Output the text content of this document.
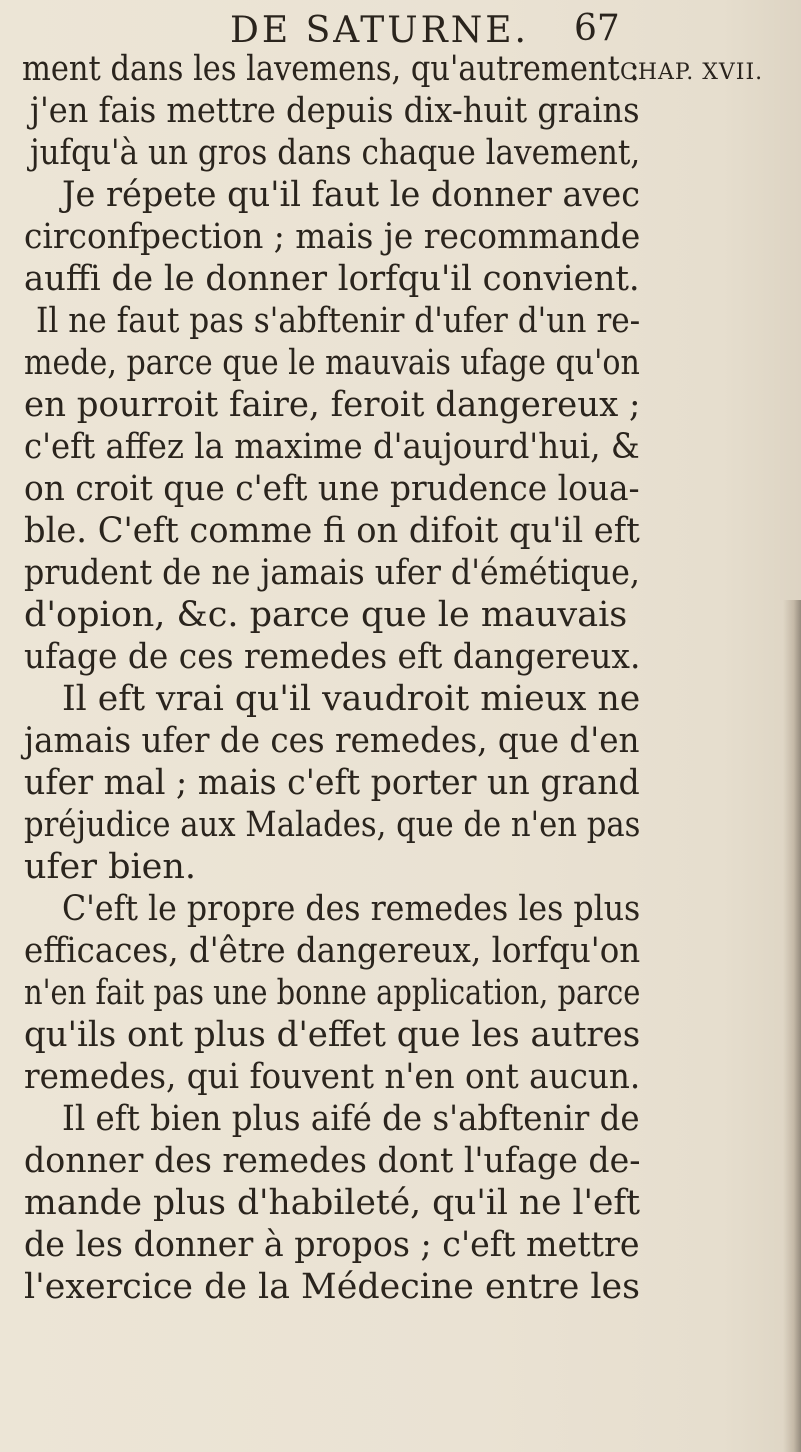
DE SATURNE. 67
CHAP. XVII.
ment dans les lavemens, qu'autrement :
j'en fais mettre depuis dix-huit grains
jufqu'à un gros dans chaque lavement,
Je répete qu'il faut le donner avec
circonfpection ; mais je recommande
auffi de le donner lorfqu'il convient.
Il ne faut pas s'abftenir d'ufer d'un re-
mede, parce que le mauvais ufage qu'on
en pourroit faire, feroit dangereux ;
c'eft affez la maxime d'aujourd'hui, &
on croit que c'eft une prudence loua-
ble. C'eft comme fi on difoit qu'il eft
prudent de ne jamais ufer d'émétique,
d'opion, &c. parce que le mauvais
ufage de ces remedes eft dangereux.
Il eft vrai qu'il vaudroit mieux ne
jamais ufer de ces remedes, que d'en
ufer mal ; mais c'eft porter un grand
préjudice aux Malades, que de n'en pas
ufer bien.
C'eft le propre des remedes les plus
efficaces, d'être dangereux, lorfqu'on
n'en fait pas une bonne application, parce
qu'ils ont plus d'effet que les autres
remedes, qui fouvent n'en ont aucun.
Il eft bien plus aifé de s'abftenir de
donner des remedes dont l'ufage de-
mande plus d'habileté, qu'il ne l'eft
de les donner à propos ; c'eft mettre
l'exercice de la Médecine entre les
